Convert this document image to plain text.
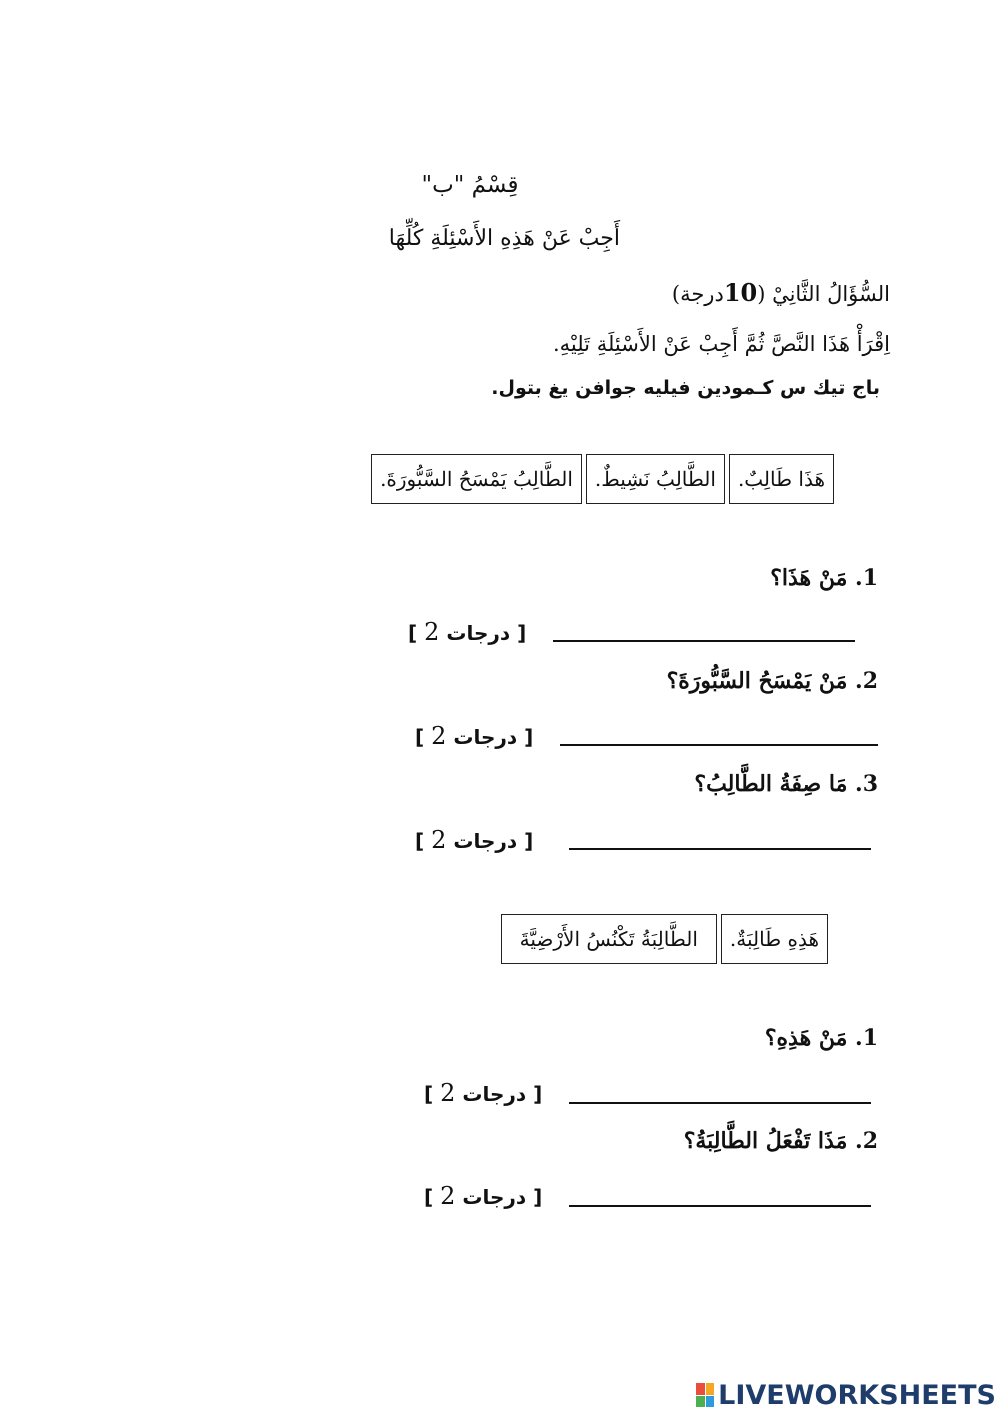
قِسْمُ "ب"
أَجِبْ عَنْ هَذِهِ الأَسْئِلَةِ كُلِّهَا
السُّؤَالُ الثَّانِيْ (10درجة)
اِقْرَأْ هَذَا النَّصَّ ثُمَّ أَجِبْ عَنْ الأَسْئِلَةِ تَلِيْهِ.
باج تيك س كـمودين فيليه جوافن يغ بتول.
هَذَا طَالِبٌ.
الطَّالِبُ نَشِيطٌ.
الطَّالِبُ يَمْسَحُ السَّبُّورَةَ.
1. مَنْ هَذَا؟
[ درجات 2 ]
2. مَنْ يَمْسَحُ السَّبُّورَةَ؟
[ درجات 2 ]
3. مَا صِفَةُ الطَّالِبُ؟
[ درجات 2 ]
هَذِهِ طَالِبَةٌ.
الطَّالِبَةُ تَكْنُسُ الأَرْضِيَّةَ
1. مَنْ هَذِهِ؟
[ درجات 2 ]
2. مَذَا تَفْعَلُ الطَّالِبَةُ؟
[ درجات 2 ]
LIVEWORKSHEETS
